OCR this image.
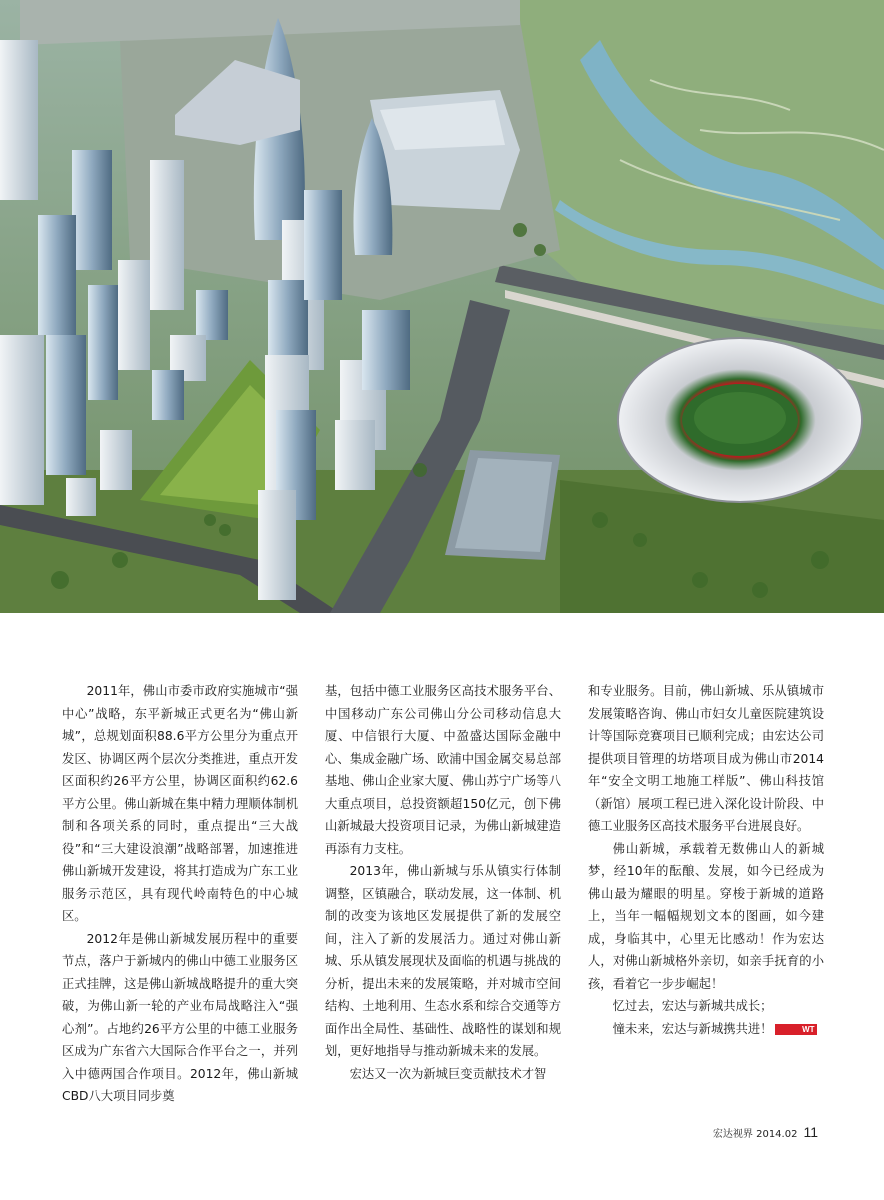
2011年，佛山市委市政府实施城市“强中心”战略，东平新城正式更名为“佛山新城”，总规划面积88.6平方公里分为重点开发区、协调区两个层次分类推进，重点开发区面积约26平方公里，协调区面积约62.6平方公里。佛山新城在集中精力理顺体制机制和各项关系的同时，重点提出“三大战役”和“三大建设浪潮”战略部署，加速推进佛山新城开发建设，将其打造成为广东工业服务示范区，具有现代岭南特色的中心城区。

2012年是佛山新城发展历程中的重要节点，落户于新城内的佛山中德工业服务区正式挂牌，这是佛山新城战略提升的重大突破，为佛山新一轮的产业布局战略注入“强心剂”。占地约26平方公里的中德工业服务区成为广东省六大国际合作平台之一，并列入中德两国合作项目。2012年，佛山新城CBD八大项目同步奠

基，包括中德工业服务区高技术服务平台、中国移动广东公司佛山分公司移动信息大厦、中信银行大厦、中盈盛达国际金融中心、集成金融广场、欧浦中国金属交易总部基地、佛山企业家大厦、佛山苏宁广场等八大重点项目，总投资额超150亿元，创下佛山新城最大投资项目记录，为佛山新城建造再添有力支柱。

2013年，佛山新城与乐从镇实行体制调整，区镇融合，联动发展，这一体制、机制的改变为该地区发展提供了新的发展空间，注入了新的发展活力。通过对佛山新城、乐从镇发展现状及面临的机遇与挑战的分析，提出未来的发展策略，并对城市空间结构、土地利用、生态水系和综合交通等方面作出全局性、基础性、战略性的谋划和规划，更好地指导与推动新城未来的发展。

宏达又一次为新城巨变贡献技术才智

和专业服务。目前，佛山新城、乐从镇城市发展策略咨询、佛山市妇女儿童医院建筑设计等国际竞赛项目已顺利完成；由宏达公司提供项目管理的坊塔项目成为佛山市2014年“安全文明工地施工样版”、佛山科技馆（新馆）展项工程已进入深化设计阶段、中德工业服务区高技术服务平台进展良好。

佛山新城，承载着无数佛山人的新城梦，经10年的酝酿、发展，如今已经成为佛山最为耀眼的明星。穿梭于新城的道路上，当年一幅幅规划文本的图画，如今建成，身临其中，心里无比感动！作为宏达人，对佛山新城格外亲切，如亲手抚育的小孩，看着它一步步崛起！

忆过去，宏达与新城共成长；

憧未来，宏达与新城携共进！	WT

宏达视界 2014.02 11
